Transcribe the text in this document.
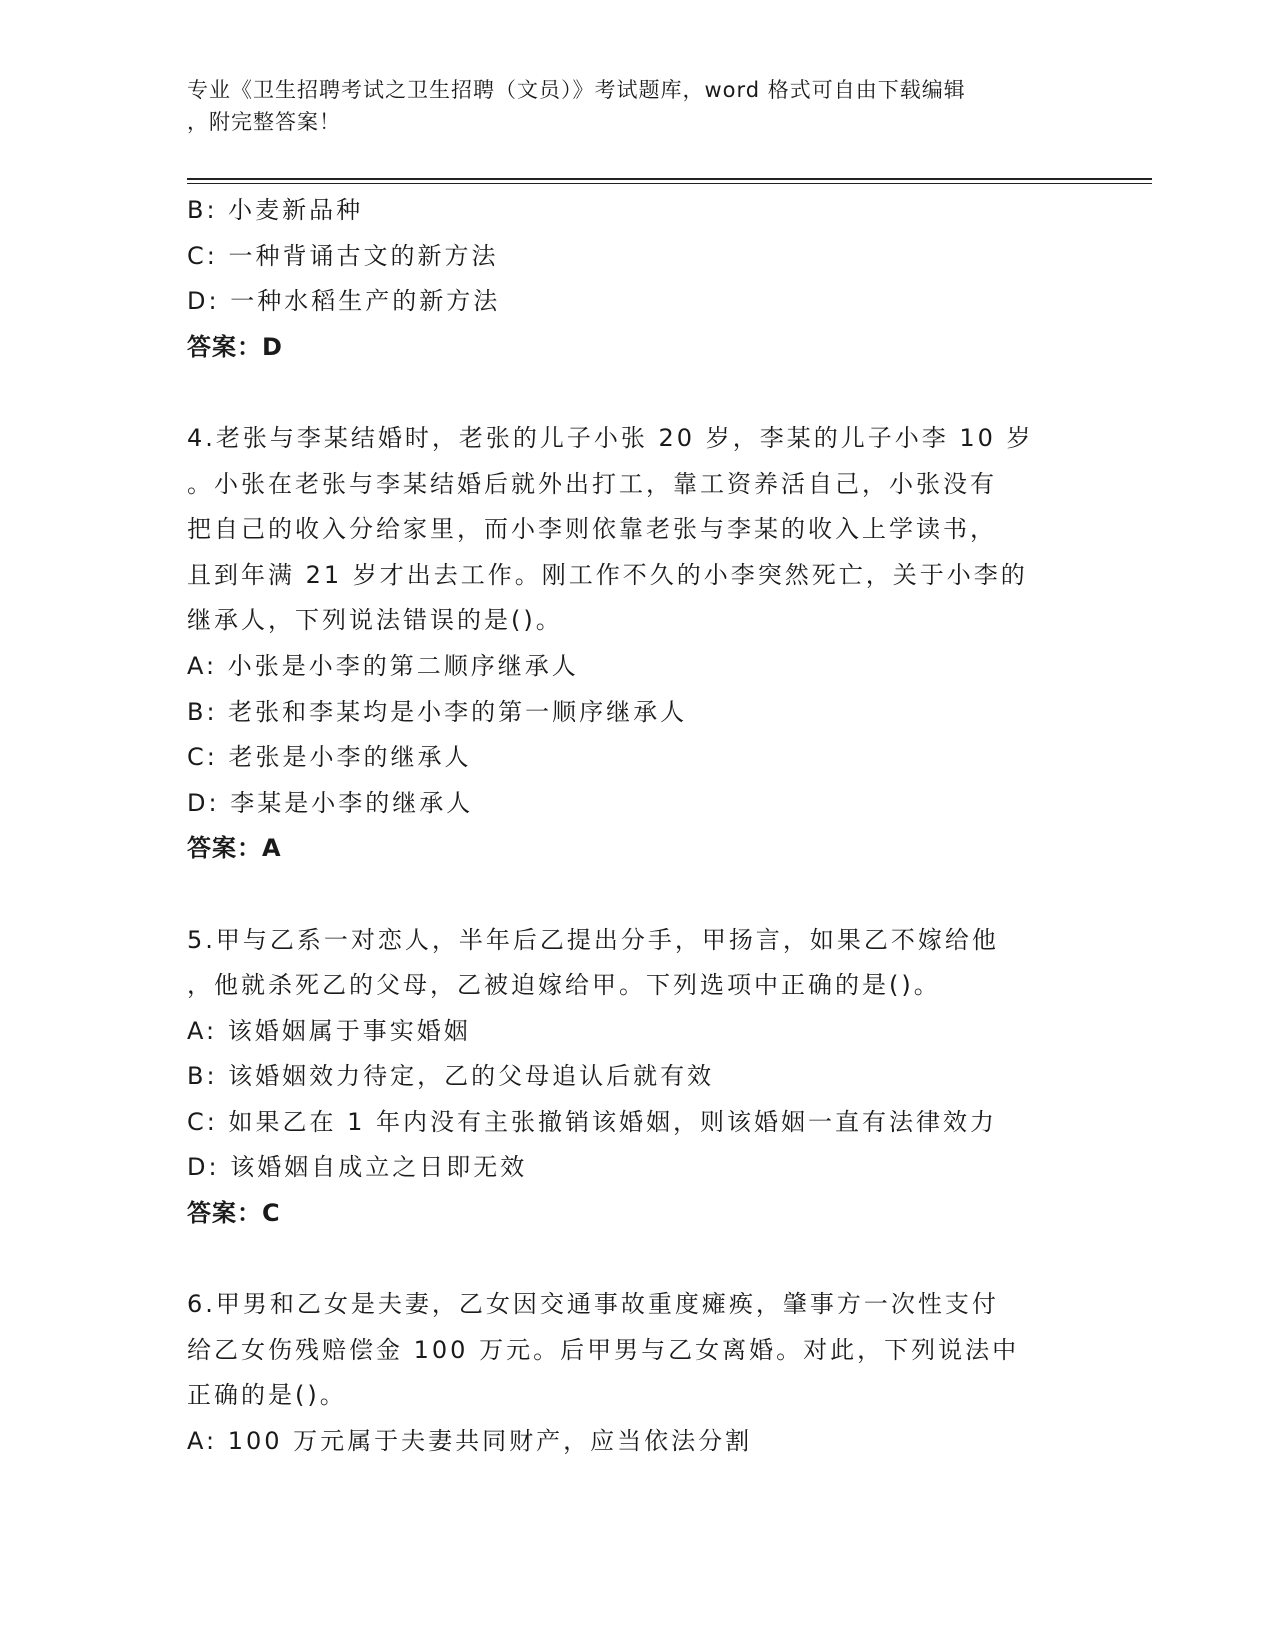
专业《卫生招聘考试之卫生招聘（文员）》考试题库，word 格式可自由下载编辑
，附完整答案！
B: 小麦新品种
C: 一种背诵古文的新方法
D: 一种水稻生产的新方法
答案：D
4.老张与李某结婚时，老张的儿子小张 20 岁，李某的儿子小李 10 岁
。小张在老张与李某结婚后就外出打工，靠工资养活自己，小张没有
把自己的收入分给家里，而小李则依靠老张与李某的收入上学读书，
且到年满 21 岁才出去工作。刚工作不久的小李突然死亡，关于小李的
继承人，下列说法错误的是()。
A: 小张是小李的第二顺序继承人
B: 老张和李某均是小李的第一顺序继承人
C: 老张是小李的继承人
D: 李某是小李的继承人
答案：A
5.甲与乙系一对恋人，半年后乙提出分手，甲扬言，如果乙不嫁给他
，他就杀死乙的父母，乙被迫嫁给甲。下列选项中正确的是()。
A: 该婚姻属于事实婚姻
B: 该婚姻效力待定，乙的父母追认后就有效
C: 如果乙在 1 年内没有主张撤销该婚姻，则该婚姻一直有法律效力
D: 该婚姻自成立之日即无效
答案：C
6.甲男和乙女是夫妻，乙女因交通事故重度瘫痪，肇事方一次性支付
给乙女伤残赔偿金 100 万元。后甲男与乙女离婚。对此，下列说法中
正确的是()。
A: 100 万元属于夫妻共同财产，应当依法分割
